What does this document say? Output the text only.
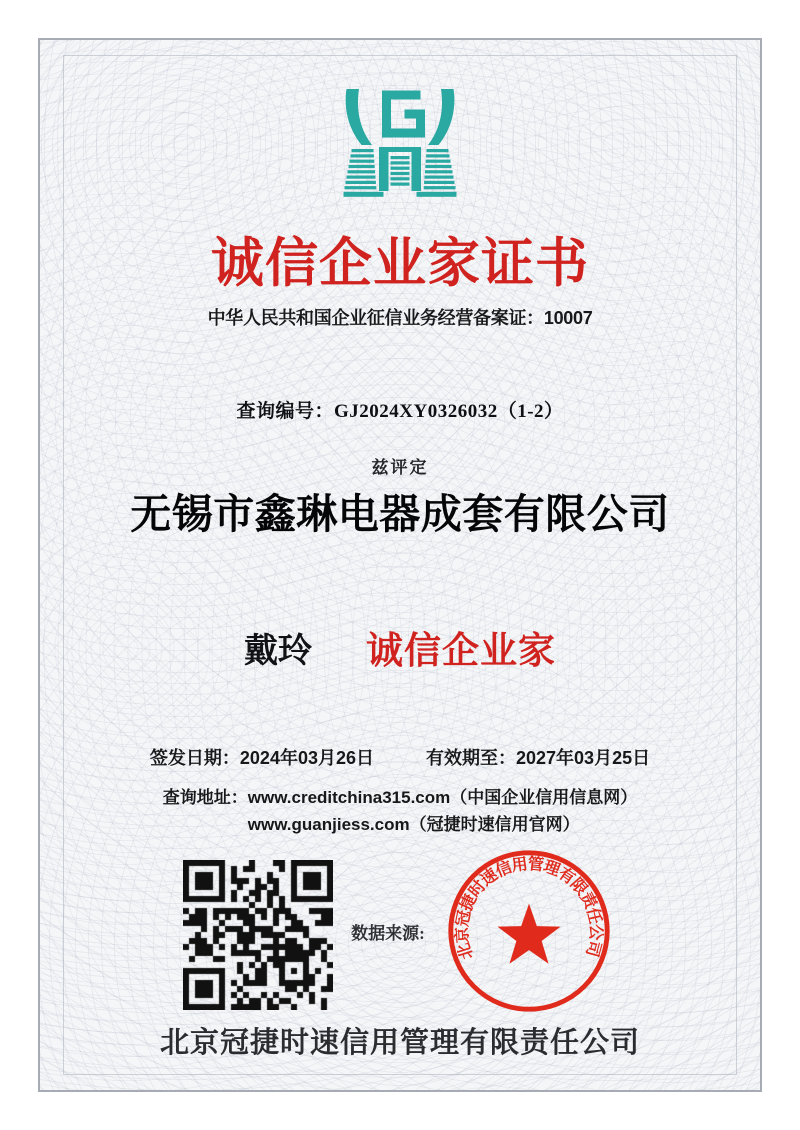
诚信企业家证书
中华人民共和国企业征信业务经营备案证：10007
查询编号：GJ2024XY0326032（1-2）
兹评定
无锡市鑫琳电器成套有限公司
戴玲 诚信企业家
签发日期：2024年03月26日	有效期至：2027年03月25日
查询地址： www.creditchina315.com（中国企业信用信息网）
www.guanjiess.com（冠捷时速信用官网）
数据来源:
北京冠捷时速信用管理有限责任公司
北京冠捷时速信用管理有限责任公司
